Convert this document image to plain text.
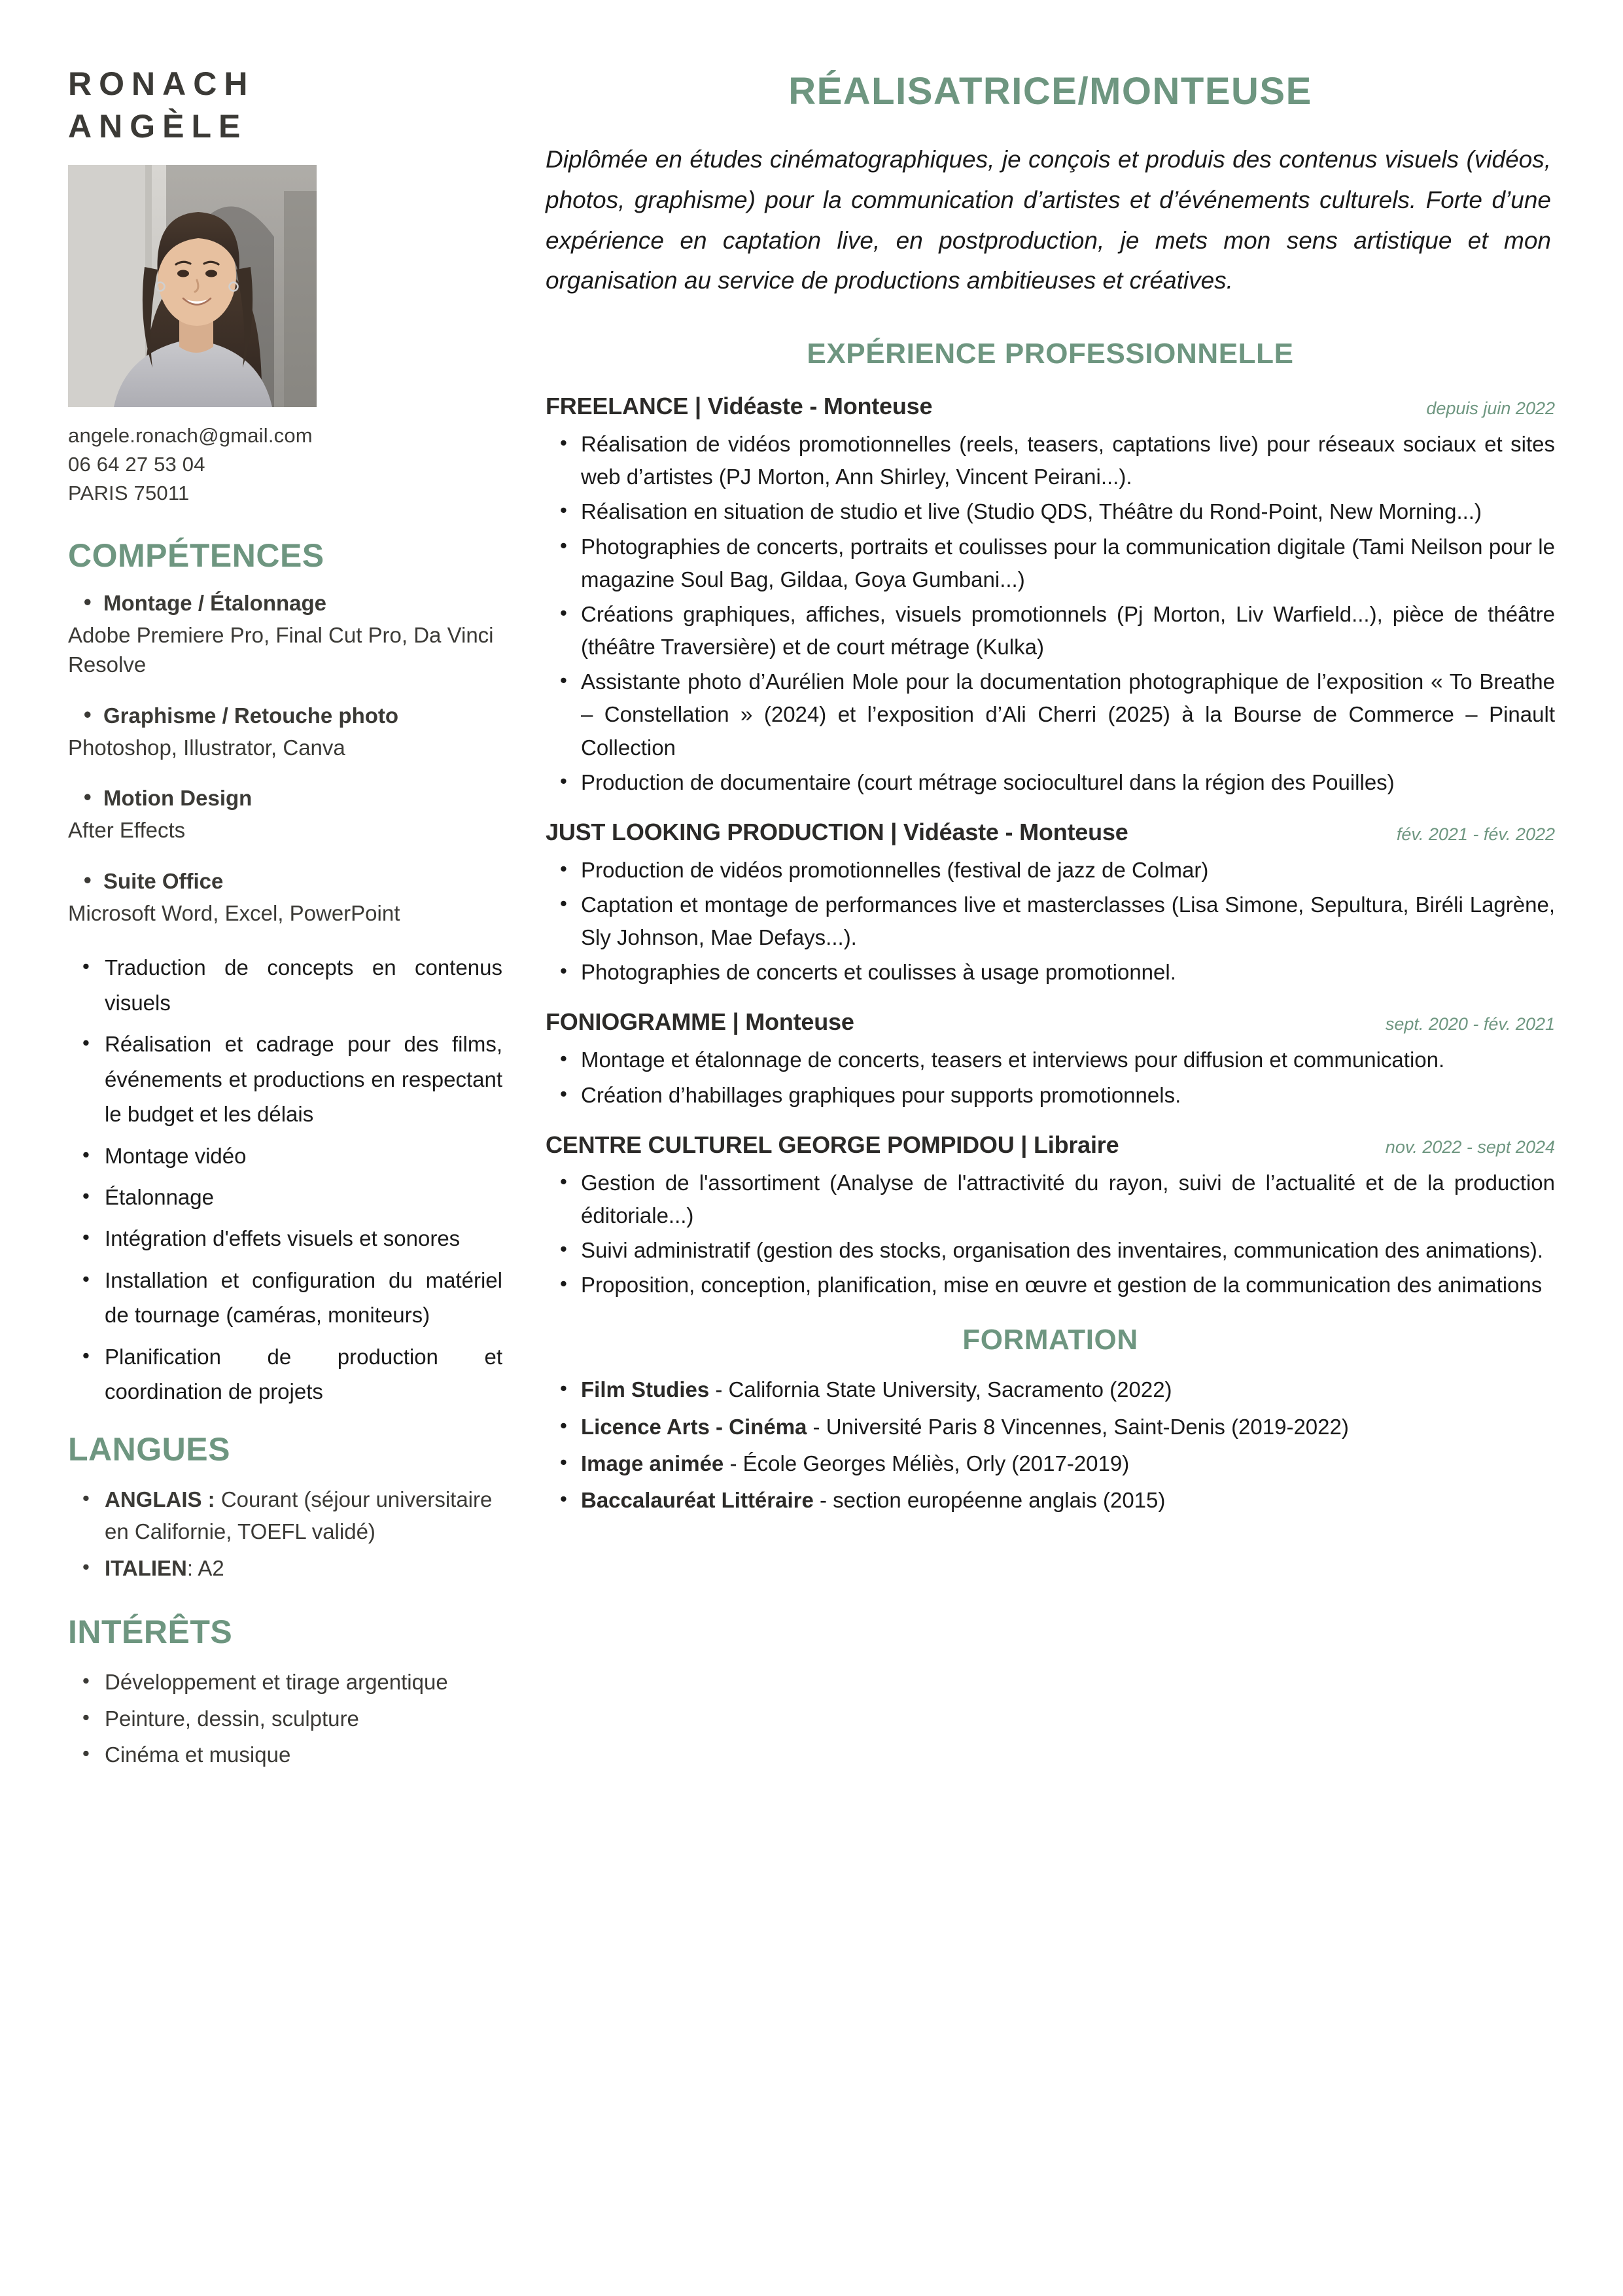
RONACH
ANGÈLE
angele.ronach@gmail.com
06 64 27 53 04
PARIS 75011
COMPÉTENCES
• Montage / Étalonnage
Adobe Premiere Pro, Final Cut Pro, Da Vinci Resolve
• Graphisme / Retouche photo
Photoshop, Illustrator, Canva
• Motion Design
After Effects
• Suite Office
Microsoft Word, Excel, PowerPoint
• Traduction de concepts en contenus visuels
• Réalisation et cadrage pour des films, événements et productions en respectant le budget et les délais
• Montage vidéo
• Étalonnage
• Intégration d'effets visuels et sonores
• Installation et configuration du matériel de tournage (caméras, moniteurs)
• Planification de production et coordination de projets
LANGUES
• ANGLAIS : Courant (séjour universitaire en Californie, TOEFL validé)
• ITALIEN: A2
INTÉRÊTS
• Développement et tirage argentique
• Peinture, dessin, sculpture
• Cinéma et musique
RÉALISATRICE/MONTEUSE

Diplômée en études cinématographiques, je conçois et produis des contenus visuels (vidéos, photos, graphisme) pour la communication d’artistes et d’événements culturels. Forte d’une expérience en captation live, en postproduction, je mets mon sens artistique et mon organisation au service de productions ambitieuses et créatives.

EXPÉRIENCE PROFESSIONNELLE
FREELANCE | Vidéaste - Monteuse	depuis juin 2022
• Réalisation de vidéos promotionnelles (reels, teasers, captations live) pour réseaux sociaux et sites web d’artistes (PJ Morton, Ann Shirley, Vincent Peirani...).
• Réalisation en situation de studio et live (Studio QDS, Théâtre du Rond-Point, New Morning...)
• Photographies de concerts, portraits et coulisses pour la communication digitale (Tami Neilson pour le magazine Soul Bag, Gildaa, Goya Gumbani...)
• Créations graphiques, affiches, visuels promotionnels (Pj Morton, Liv Warfield...), pièce de théâtre (théâtre Traversière) et de court métrage (Kulka)
• Assistante photo d’Aurélien Mole pour la documentation photographique de l’exposition « To Breathe – Constellation » (2024) et l’exposition d’Ali Cherri (2025) à la Bourse de Commerce – Pinault Collection
• Production de documentaire (court métrage socioculturel dans la région des Pouilles)
JUST LOOKING PRODUCTION | Vidéaste - Monteuse	fév. 2021 - fév. 2022
• Production de vidéos promotionnelles (festival de jazz de Colmar)
• Captation et montage de performances live et masterclasses (Lisa Simone, Sepultura, Biréli Lagrène, Sly Johnson, Mae Defays...).
• Photographies de concerts et coulisses à usage promotionnel.
FONIOGRAMME | Monteuse	sept. 2020 - fév. 2021
• Montage et étalonnage de concerts, teasers et interviews pour diffusion et communication.
• Création d’habillages graphiques pour supports promotionnels.
CENTRE CULTUREL GEORGE POMPIDOU | Libraire	nov. 2022 - sept 2024
• Gestion de l'assortiment (Analyse de l'attractivité du rayon, suivi de l’actualité et de la production éditoriale...)
• Suivi administratif (gestion des stocks, organisation des inventaires, communication des animations).
• Proposition, conception, planification, mise en œuvre et gestion de la communication des animations
FORMATION
• Film Studies - California State University, Sacramento (2022)
• Licence Arts - Cinéma - Université Paris 8 Vincennes, Saint-Denis (2019-2022)
• Image animée - École Georges Méliès, Orly (2017-2019)
• Baccalauréat Littéraire - section européenne anglais (2015)
